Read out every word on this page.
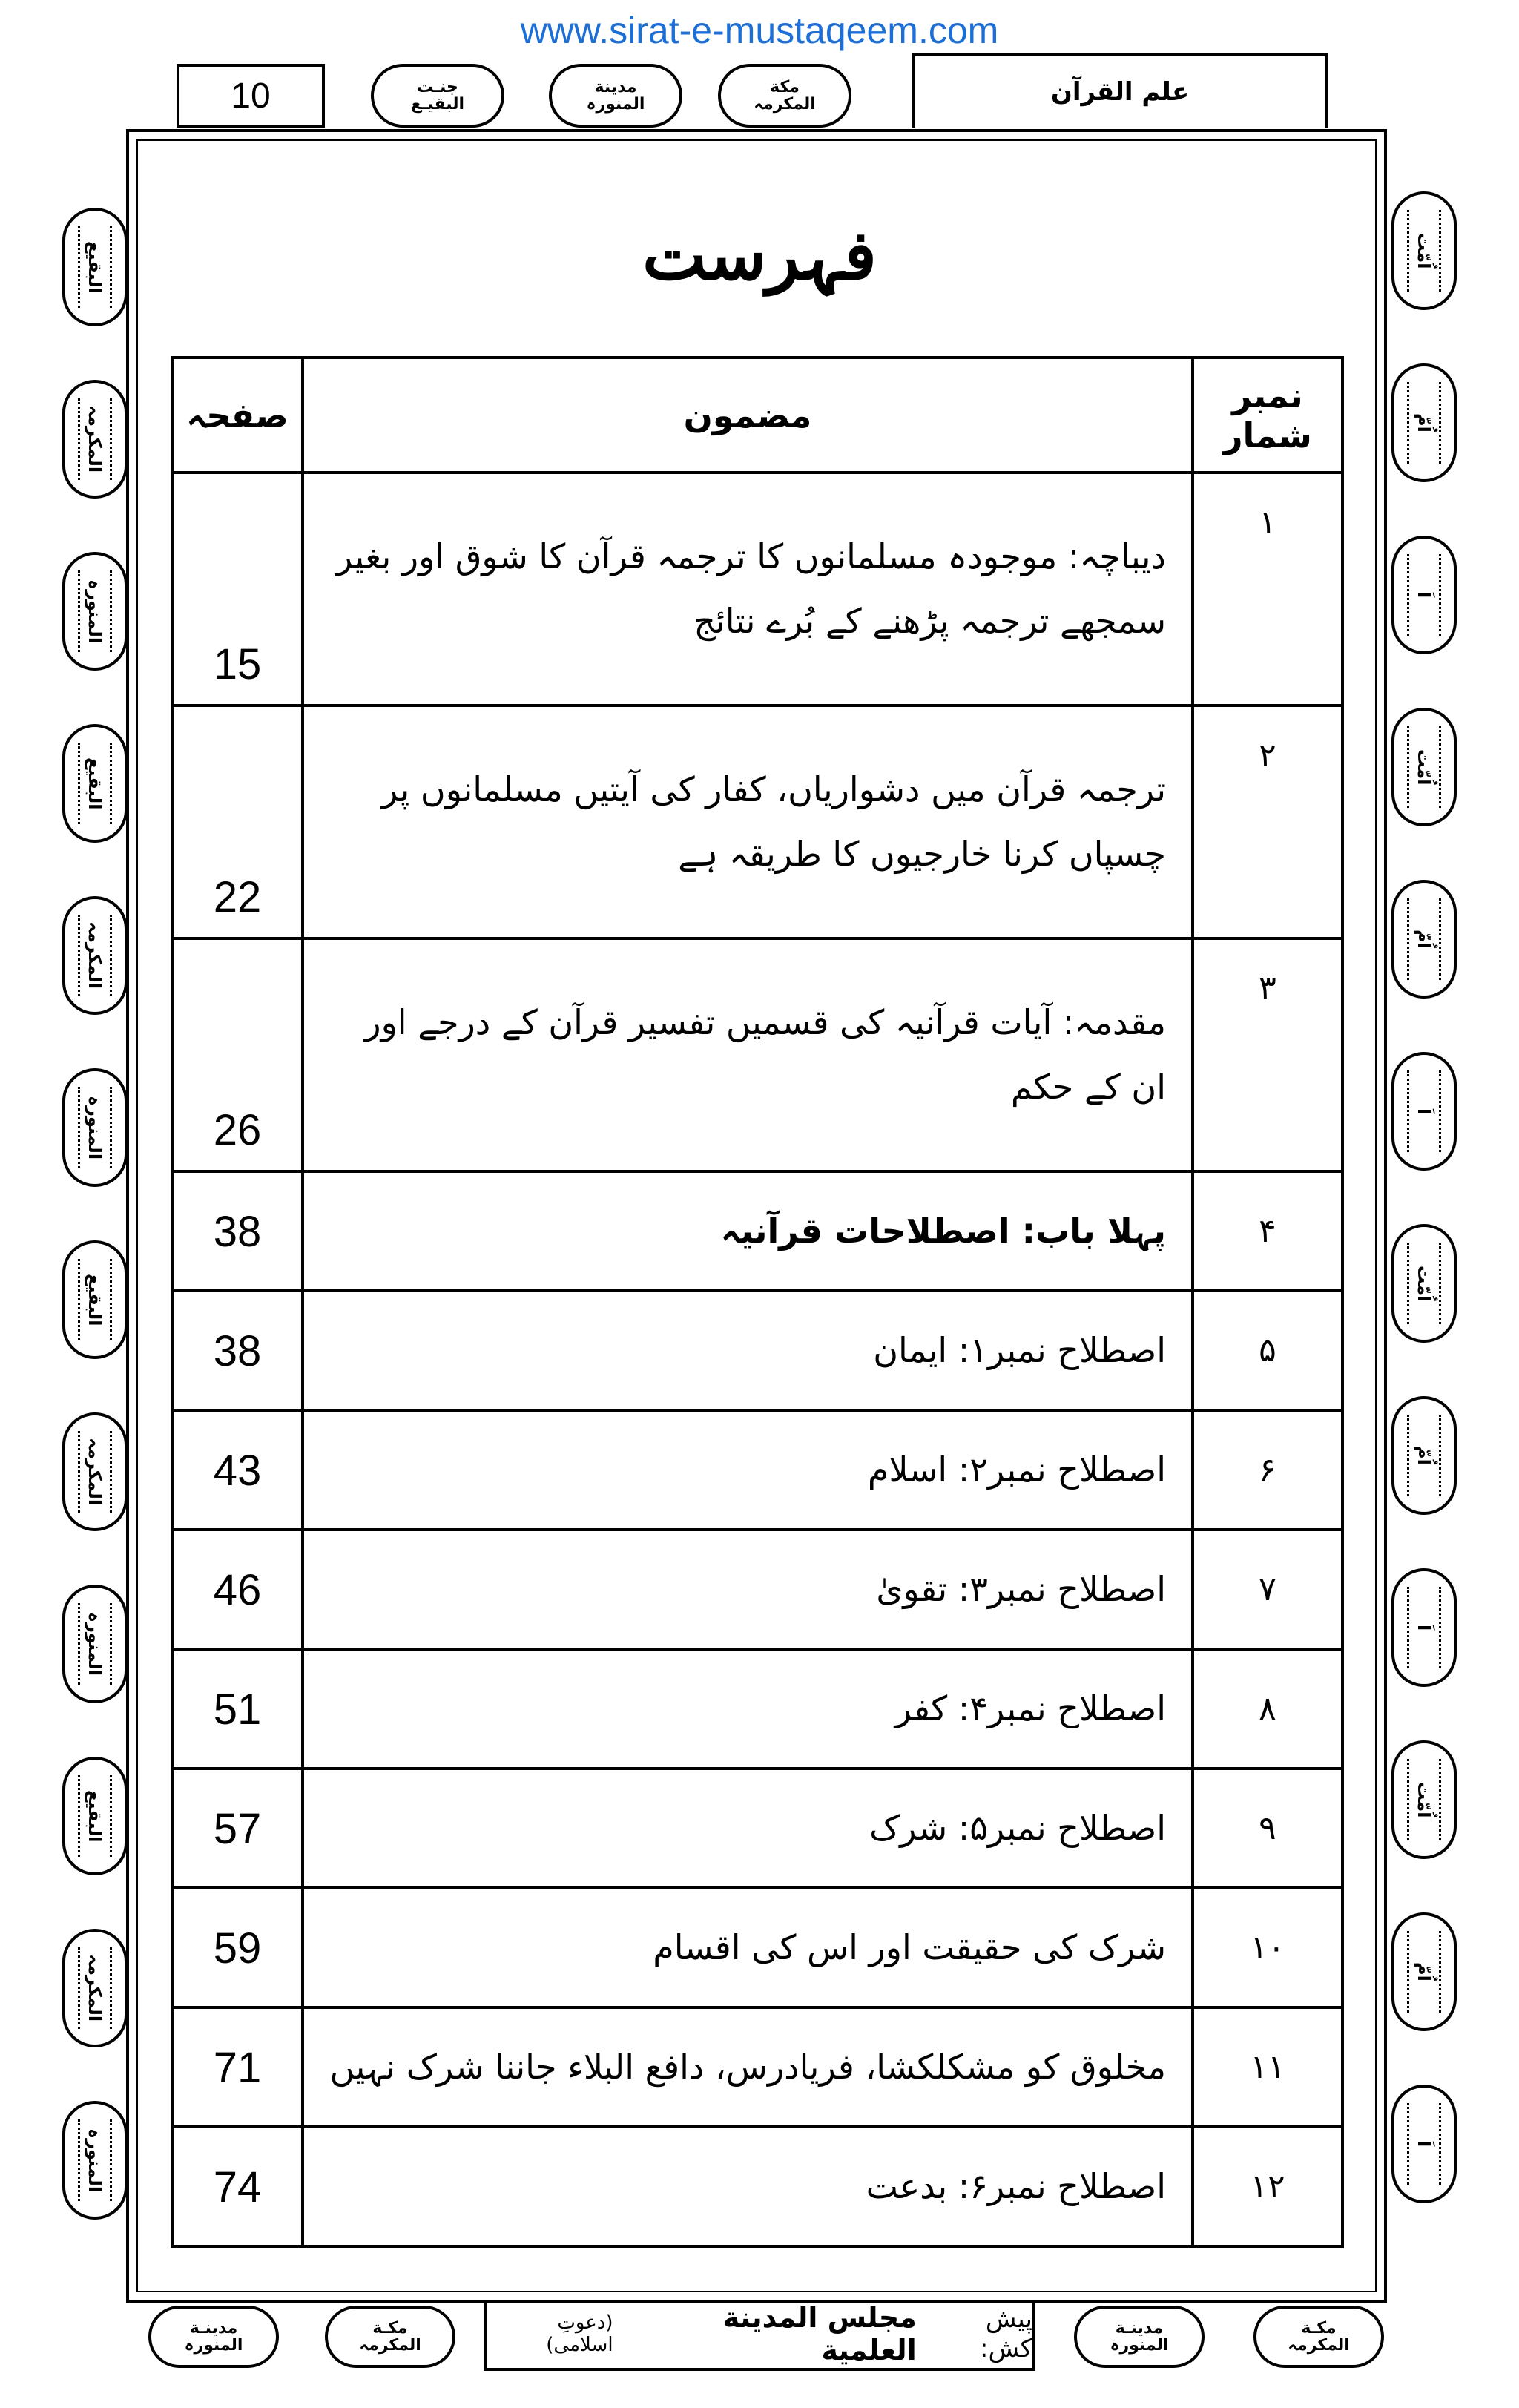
www.sirat-e-mustaqeem.com
10	علم القرآن
جنـت
البقيـع
مدينة
المنورہ
مكة
المكرمہ
البقیع
المکرمہ
المنورہ
البقیع
المکرمہ
المنورہ
البقیع
المکرمہ
المنورہ
البقیع
المکرمہ
المنورہ
اُمّت
اُمّ
اَ
اُمّت
اُمّ
اَ
اُمّت
اُمّ
اَ
اُمّت
اُمّ
اَ
فہرست
نمبر شمار	مضمون	صفحہ
۱	دیباچہ: موجودہ مسلمانوں کا ترجمہ قرآن کا شوق اور بغیر سمجھے ترجمہ پڑھنے کے بُرے نتائج	15
۲	ترجمہ قرآن میں دشواریاں، کفار کی آیتیں مسلمانوں پر چسپاں کرنا خارجیوں کا طریقہ ہے	22
۳	مقدمہ: آیات قرآنیہ کی قسمیں تفسیر قرآن کے درجے اور ان کے حکم	26
۴	پہلا باب: اصطلاحات قرآنیہ	38
۵	اصطلاح نمبر۱: ایمان	38
۶	اصطلاح نمبر۲: اسلام	43
۷	اصطلاح نمبر۳: تقویٰ	46
۸	اصطلاح نمبر۴: کفر	51
۹	اصطلاح نمبر۵: شرک	57
۱۰	شرک کی حقیقت اور اس کی اقسام	59
۱۱	مخلوق کو مشکلکشا، فریادرس، دافع البلاء جاننا شرک نہیں	71
۱۲	اصطلاح نمبر۶: بدعت	74
پیش کش:
مجلس المدينة العلمية
(دعوتِ اسلامی)
مکـة
المکرمہ
مدينـة
المنورہ
مکـة
المکرمہ
مدينـة
المنورہ
